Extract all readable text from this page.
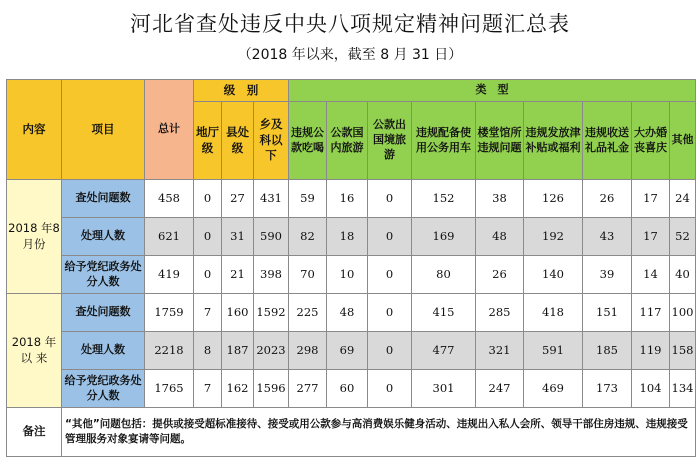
河北省查处违反中央八项规定精神问题汇总表
（2018 年以来，截至 8 月 31 日）
内容	项目	总计	级　别			类　型								
			地厅级	县处级	乡及科以下	违规公款吃喝	公款国内旅游	公款出国境旅游	违规配备使用公务用车	楼堂馆所违规问题	违规发放津补贴或福利	违规收送礼品礼金	大办婚丧喜庆	其他
2018 年8 月份	查处问题数	458	0	27	431	59	16	0	152	38	126	26	17	24
	处理人数	621	0	31	590	82	18	0	169	48	192	43	17	52
	给予党纪政务处分人数	419	0	21	398	70	10	0	80	26	140	39	14	40
2018 年以 来	查处问题数	1759	7	160	1592	225	48	0	415	285	418	151	117	100
	处理人数	2218	8	187	2023	298	69	0	477	321	591	185	119	158
	给予党纪政务处分人数	1765	7	162	1596	277	60	0	301	247	469	173	104	134
备注	“其他”问题包括：提供或接受超标准接待、接受或用公款参与高消费娱乐健身活动、违规出入私人会所、领导干部住房违规、违规接受管理服务对象宴请等问题。													
